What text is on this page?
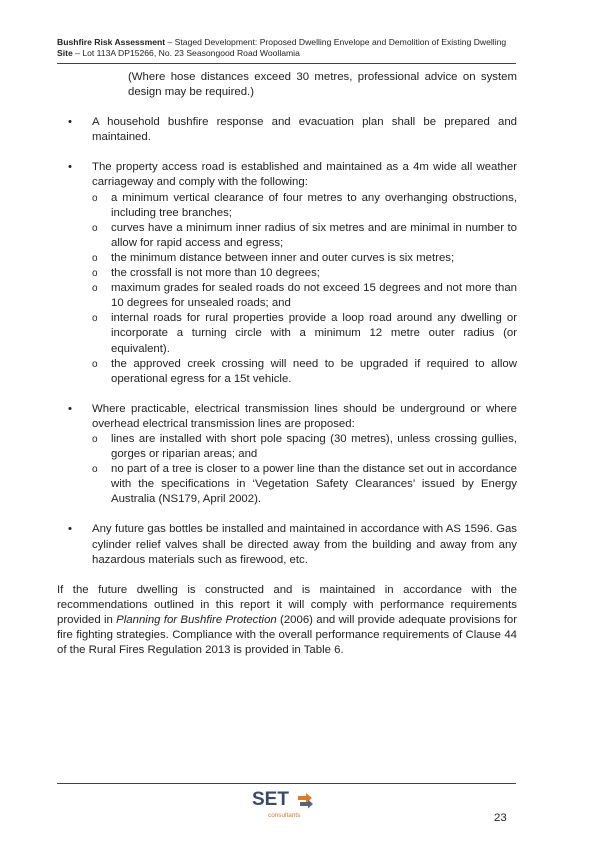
Bushfire Risk Assessment – Staged Development: Proposed Dwelling Envelope and Demolition of Existing Dwelling
Site – Lot 113A DP15266, No. 23 Seasongood Road Woollamia

(Where hose distances exceed 30 metres, professional advice on system design may be required.)

• A household bushfire response and evacuation plan shall be prepared and maintained.

• The property access road is established and maintained as a 4m wide all weather carriageway and comply with the following:

o a minimum vertical clearance of four metres to any overhanging obstructions, including tree branches;
o curves have a minimum inner radius of six metres and are minimal in number to allow for rapid access and egress;
o the minimum distance between inner and outer curves is six metres;
o the crossfall is not more than 10 degrees;
o maximum grades for sealed roads do not exceed 15 degrees and not more than 10 degrees for unsealed roads; and
o internal roads for rural properties provide a loop road around any dwelling or incorporate a turning circle with a minimum 12 metre outer radius (or equivalent).
o the approved creek crossing will need to be upgraded if required to allow operational egress for a 15t vehicle.
• Where practicable, electrical transmission lines should be underground or where overhead electrical transmission lines are proposed:

o lines are installed with short pole spacing (30 metres), unless crossing gullies, gorges or riparian areas; and
o no part of a tree is closer to a power line than the distance set out in accordance with the specifications in ‘Vegetation Safety Clearances’ issued by Energy Australia (NS179, April 2002).
• Any future gas bottles be installed and maintained in accordance with AS 1596. Gas cylinder relief valves shall be directed away from the building and away from any hazardous materials such as firewood, etc.

If the future dwelling is constructed and is maintained in accordance with the recommendations outlined in this report it will comply with performance requirements provided in Planning for Bushfire Protection (2006) and will provide adequate provisions for fire fighting strategies. Compliance with the overall performance requirements of Clause 44 of the Rural Fires Regulation 2013 is provided in Table 6.

SET
consultants	23
